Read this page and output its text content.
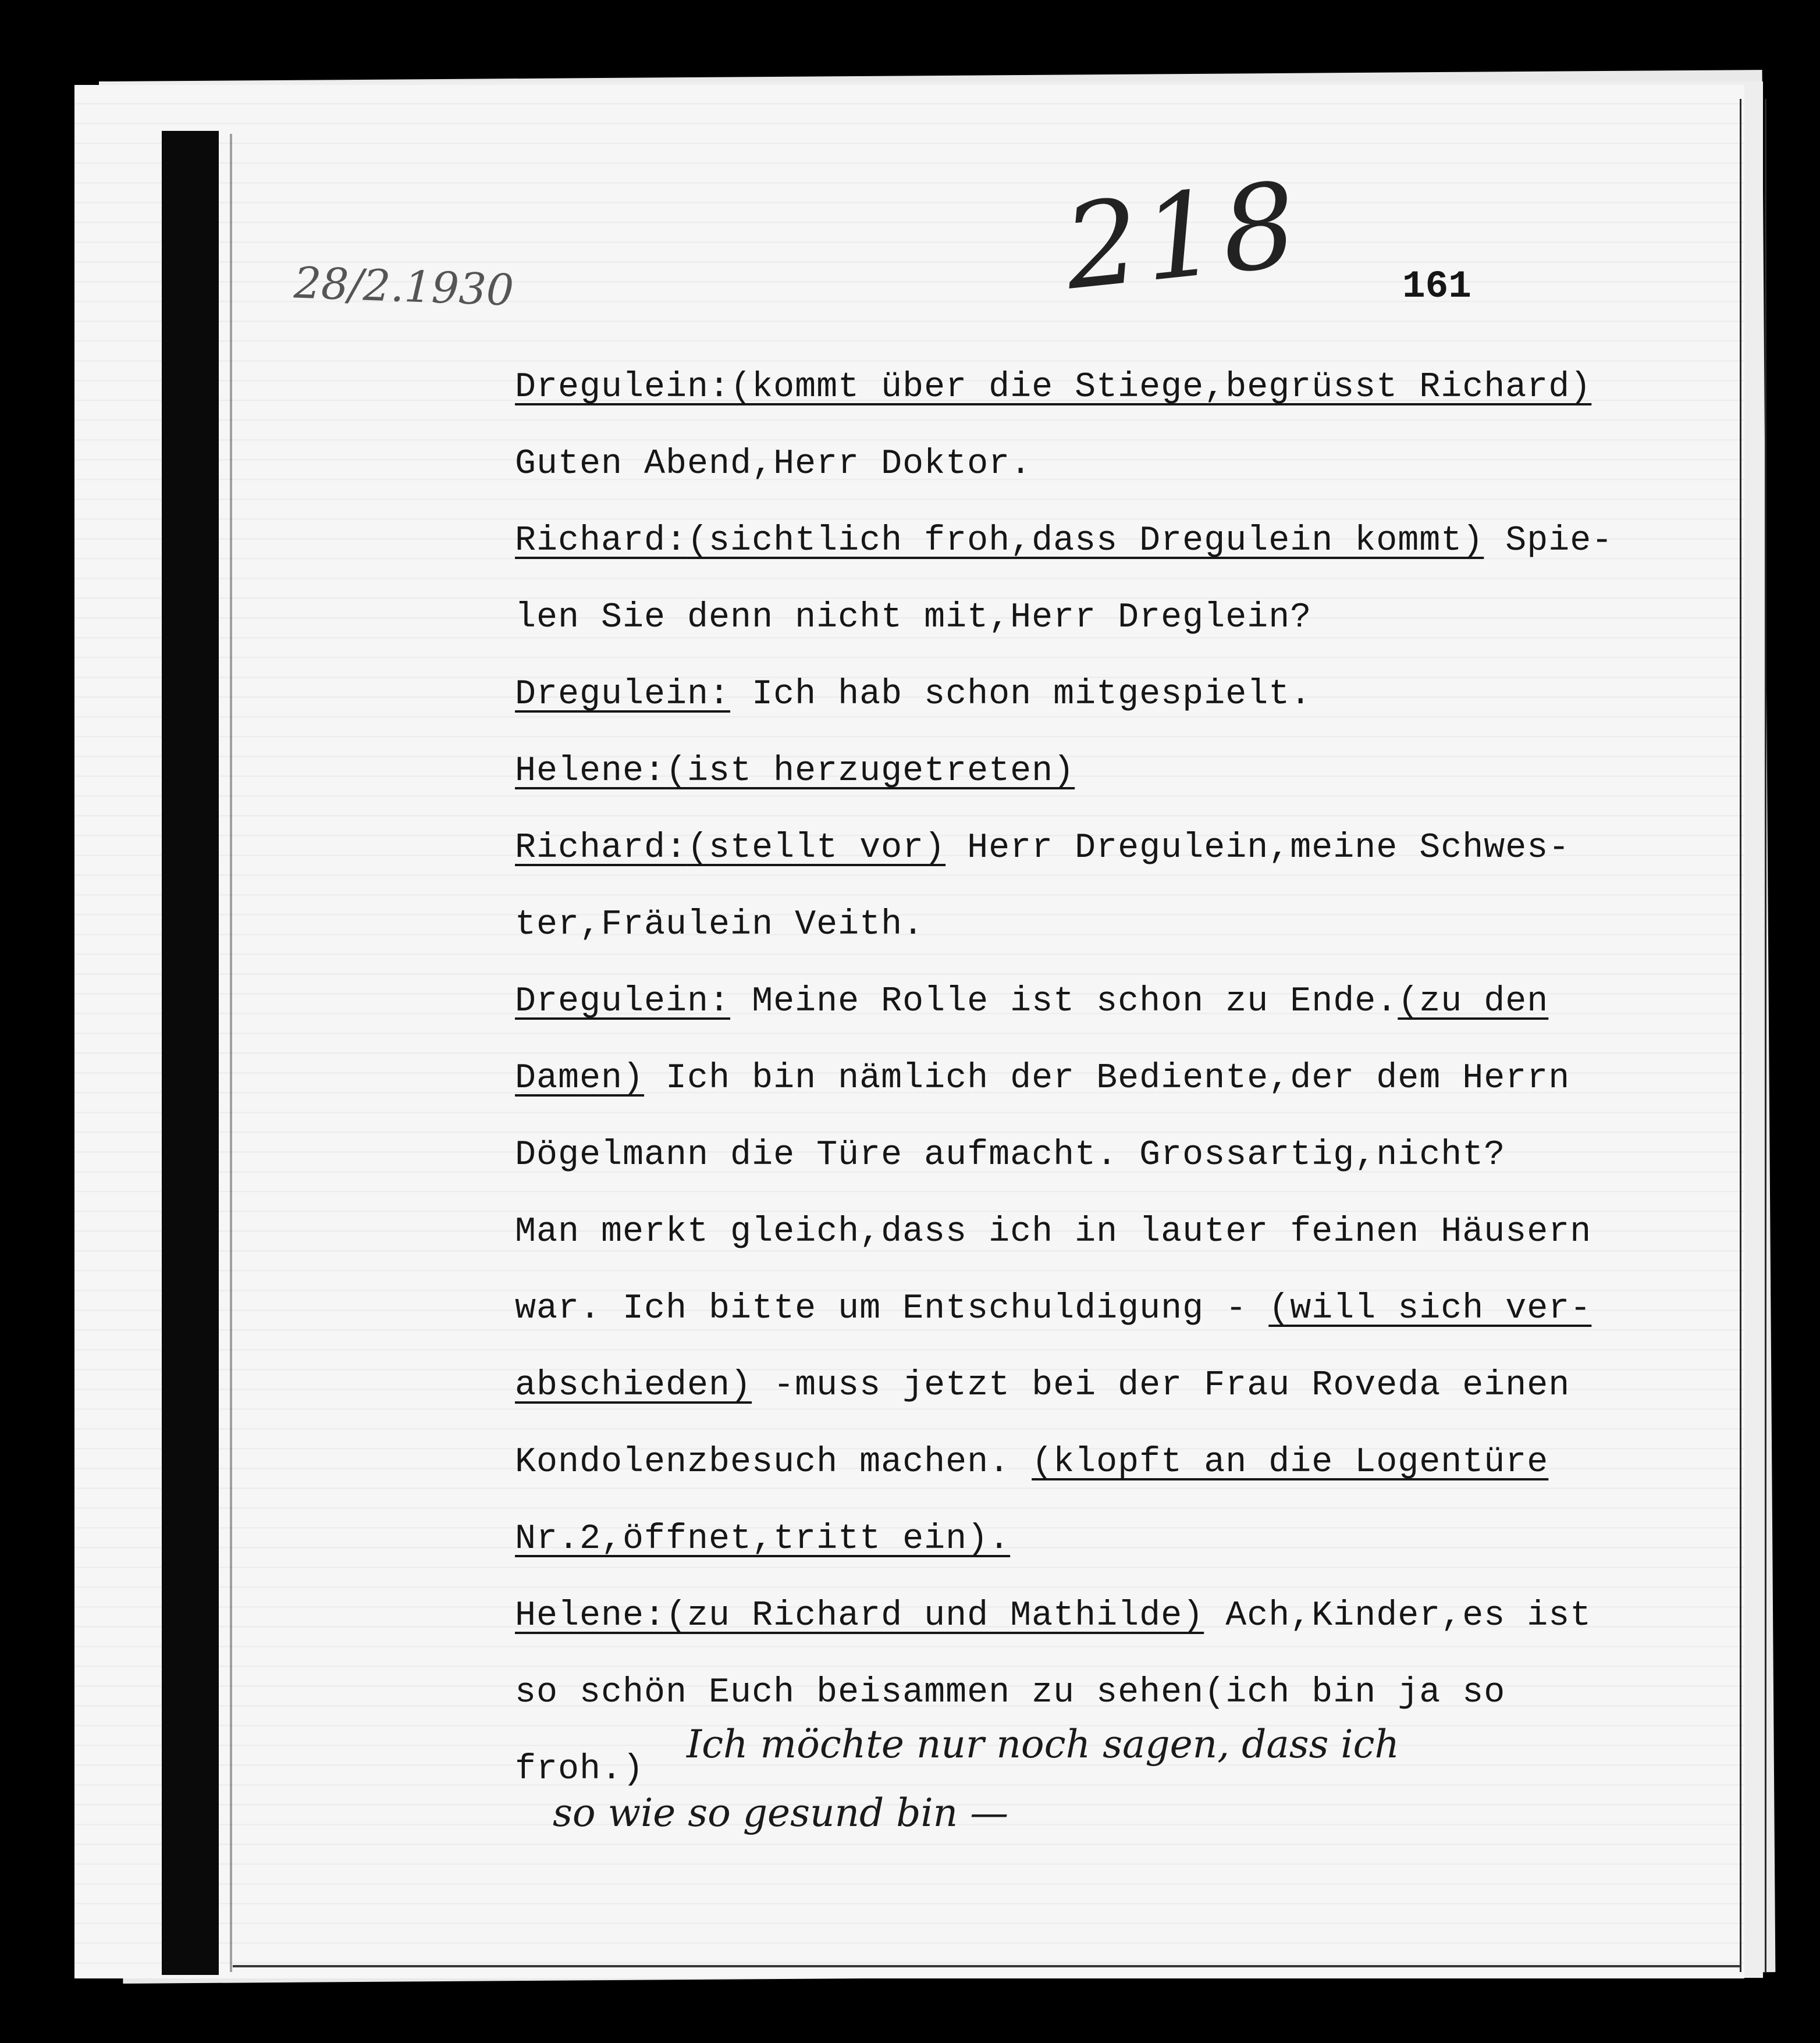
218
28/2.1930	161
Dregulein:(kommt über die Stiege,begrüsst Richard)
Guten Abend,Herr Doktor.
Richard:(sichtlich froh,dass Dregulein kommt) Spie-
len Sie denn nicht mit,Herr Dreglein?
Dregulein: Ich hab schon mitgespielt.
Helene:(ist herzugetreten)
Richard:(stellt vor) Herr Dregulein,meine Schwes-
ter,Fräulein Veith.
Dregulein: Meine Rolle ist schon zu Ende.(zu den
Damen) Ich bin nämlich der Bediente,der dem Herrn
Dögelmann die Türe aufmacht. Grossartig,nicht?
Man merkt gleich,dass ich in lauter feinen Häusern
war. Ich bitte um Entschuldigung - (will sich ver-
abschieden) -muss jetzt bei der Frau Roveda einen
Kondolenzbesuch machen. (klopft an die Logentüre
Nr.2,öffnet,tritt ein).
Helene:(zu Richard und Mathilde) Ach,Kinder,es ist
so schön Euch beisammen zu sehen(ich bin ja so
froh.)
Ich möchte nur noch sagen, dass ich
so wie so gesund bin —
